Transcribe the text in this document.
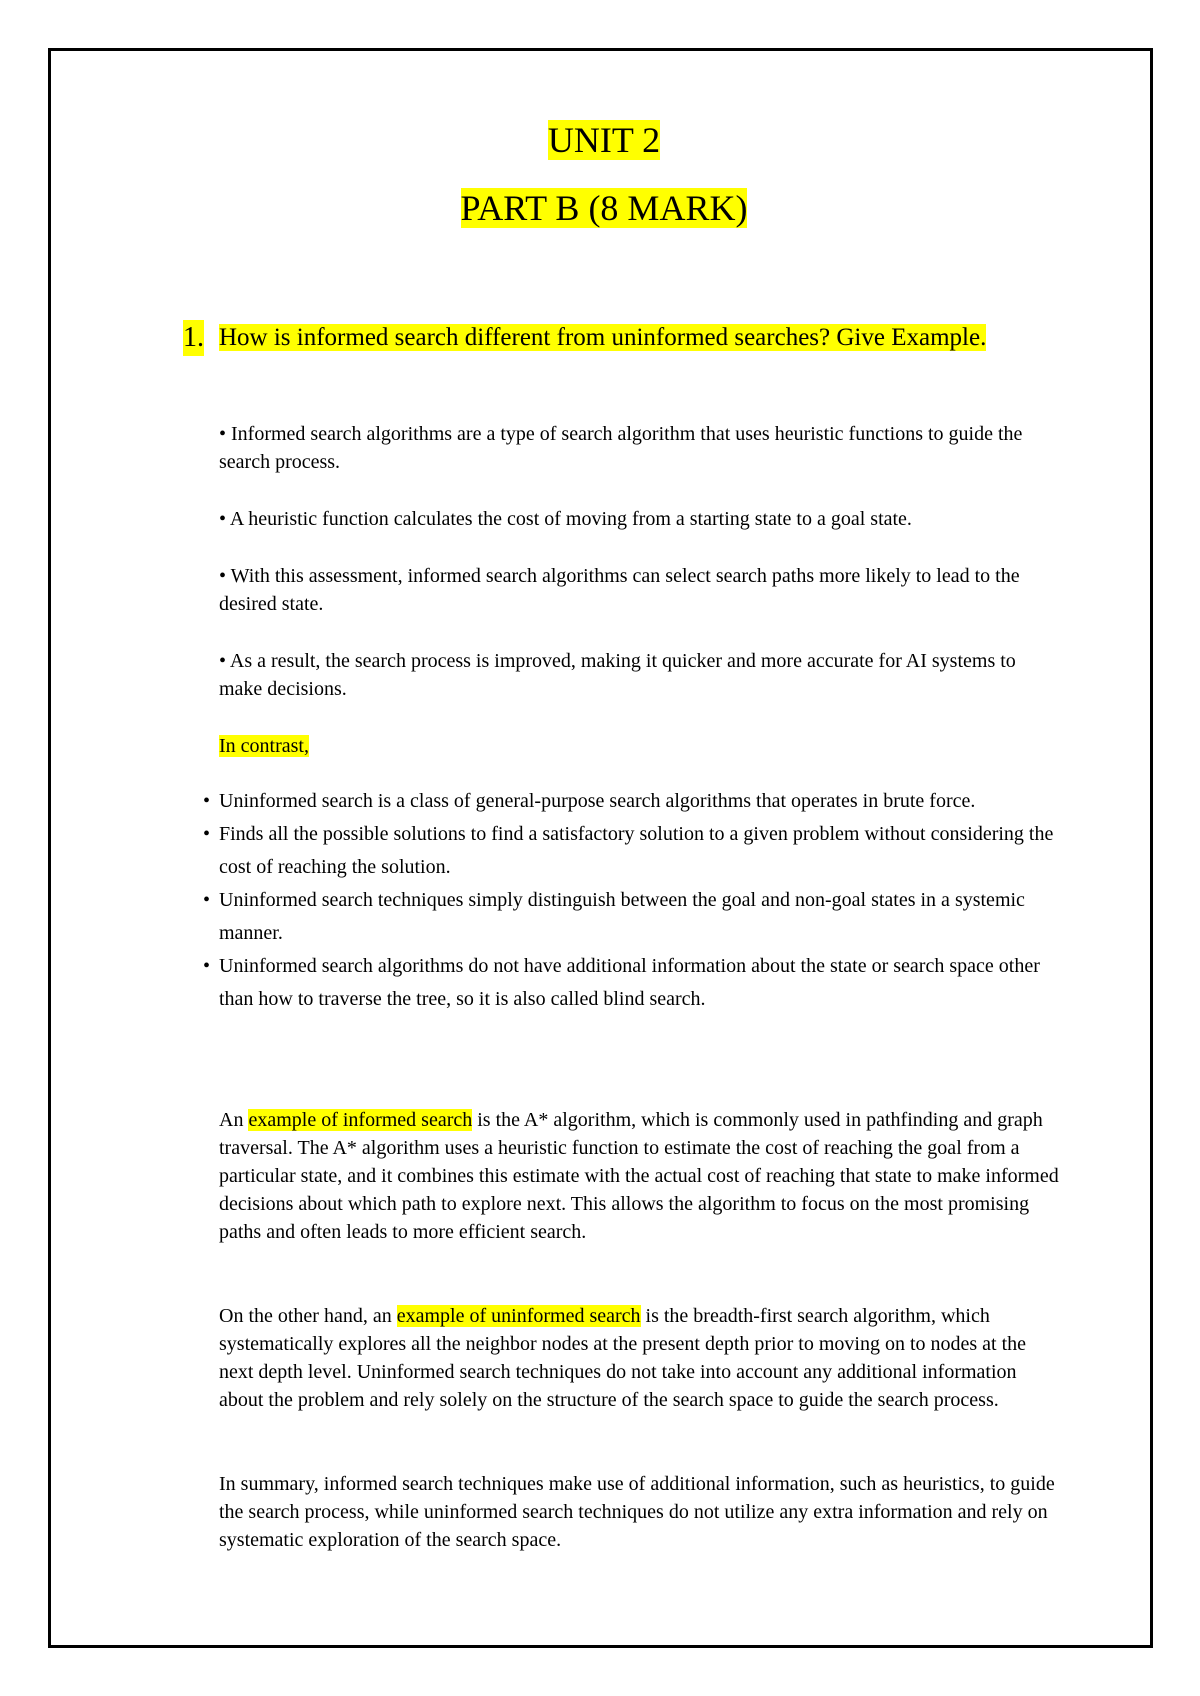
UNIT 2
PART B (8 MARK)

1. How is informed search different from uninformed searches? Give Example.

• Informed search algorithms are a type of search algorithm that uses heuristic functions to guide the search process.

• A heuristic function calculates the cost of moving from a starting state to a goal state.

• With this assessment, informed search algorithms can select search paths more likely to lead to the desired state.

• As a result, the search process is improved, making it quicker and more accurate for AI systems to make decisions.

In contrast,

• Uninformed search is a class of general-purpose search algorithms that operates in brute force.
• Finds all the possible solutions to find a satisfactory solution to a given problem without considering the cost of reaching the solution.
• Uninformed search techniques simply distinguish between the goal and non-goal states in a systemic manner.
• Uninformed search algorithms do not have additional information about the state or search space other than how to traverse the tree, so it is also called blind search.

An example of informed search is the A* algorithm, which is commonly used in pathfinding and graph traversal. The A* algorithm uses a heuristic function to estimate the cost of reaching the goal from a particular state, and it combines this estimate with the actual cost of reaching that state to make informed decisions about which path to explore next. This allows the algorithm to focus on the most promising paths and often leads to more efficient search.

On the other hand, an example of uninformed search is the breadth-first search algorithm, which systematically explores all the neighbor nodes at the present depth prior to moving on to nodes at the next depth level. Uninformed search techniques do not take into account any additional information about the problem and rely solely on the structure of the search space to guide the search process.

In summary, informed search techniques make use of additional information, such as heuristics, to guide the search process, while uninformed search techniques do not utilize any extra information and rely on systematic exploration of the search space.
